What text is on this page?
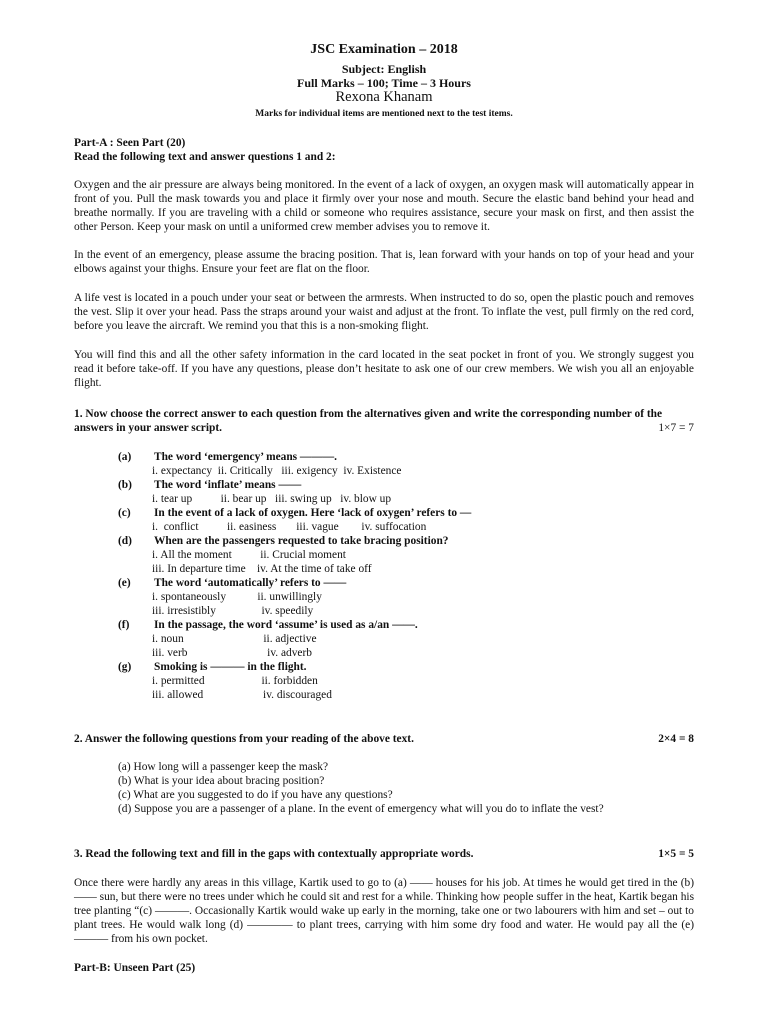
JSC Examination – 2018
Subject: English
Full Marks – 100; Time – 3 Hours
Rexona Khanam
Marks for individual items are mentioned next to the test items.
Part-A : Seen Part (20)
Read the following text and answer questions 1 and 2:
Oxygen and the air pressure are always being monitored. In the event of a lack of oxygen, an oxygen mask will automatically appear in front of you. Pull the mask towards you and place it firmly over your nose and mouth. Secure the elastic band behind your head and breathe normally. If you are traveling with a child or someone who requires assistance, secure your mask on first, and then assist the other Person. Keep your mask on until a uniformed crew member advises you to remove it.
In the event of an emergency, please assume the bracing position. That is, lean forward with your hands on top of your head and your elbows against your thighs. Ensure your feet are flat on the floor.
A life vest is located in a pouch under your seat or between the armrests. When instructed to do so, open the plastic pouch and removes the vest. Slip it over your head. Pass the straps around your waist and adjust at the front. To inflate the vest, pull firmly on the red cord, before you leave the aircraft. We remind you that this is a non-smoking flight.
You will find this and all the other safety information in the card located in the seat pocket in front of you. We strongly suggest you read it before take-off. If you have any questions, please don’t hesitate to ask one of our crew members. We wish you all an enjoyable flight.
1. Now choose the correct answer to each question from the alternatives given and write the corresponding number of the
answers in your answer script.	1×7 = 7
(a) The word ‘emergency’ means ———.
i. expectancy  ii. Critically   iii. exigency  iv. Existence
(b) The word ‘inflate’ means ——
i. tear up          ii. bear up   iii. swing up   iv. blow up
(c) In the event of a lack of oxygen. Here ‘lack of oxygen’ refers to —
i.  conflict          ii. easiness       iii. vague        iv. suffocation
(d) When are the passengers requested to take bracing position?
i. All the moment          ii. Crucial moment
iii. In departure time    iv. At the time of take off
(e) The word ‘automatically’ refers to ——
i. spontaneously           ii. unwillingly
iii. irresistibly                iv. speedily
(f) In the passage, the word ‘assume’ is used as a/an ——.
i. noun                            ii. adjective
iii. verb                            iv. adverb
(g) Smoking is ——— in the flight.
i. permitted                    ii. forbidden
iii. allowed                     iv. discouraged
2. Answer the following questions from your reading of the above text.	2×4 = 8
(a) How long will a passenger keep the mask?
(b) What is your idea about bracing position?
(c) What are you suggested to do if you have any questions?
(d) Suppose you are a passenger of a plane. In the event of emergency what will you do to inflate the vest?
3. Read the following text and fill in the gaps with contextually appropriate words.	1×5 = 5
Once there were hardly any areas in this village, Kartik used to go to (a) —— houses for his job. At times he would get tired in the (b) —— sun, but there were no trees under which he could sit and rest for a while. Thinking how people suffer in the heat, Kartik began his tree planting “(c) ———. Occasionally Kartik would wake up early in the morning, take one or two labourers with him and set – out to plant trees. He would walk long (d) ———— to plant trees, carrying with him some dry food and water. He would pay all the (e) ——— from his own pocket.
Part-B: Unseen Part (25)
